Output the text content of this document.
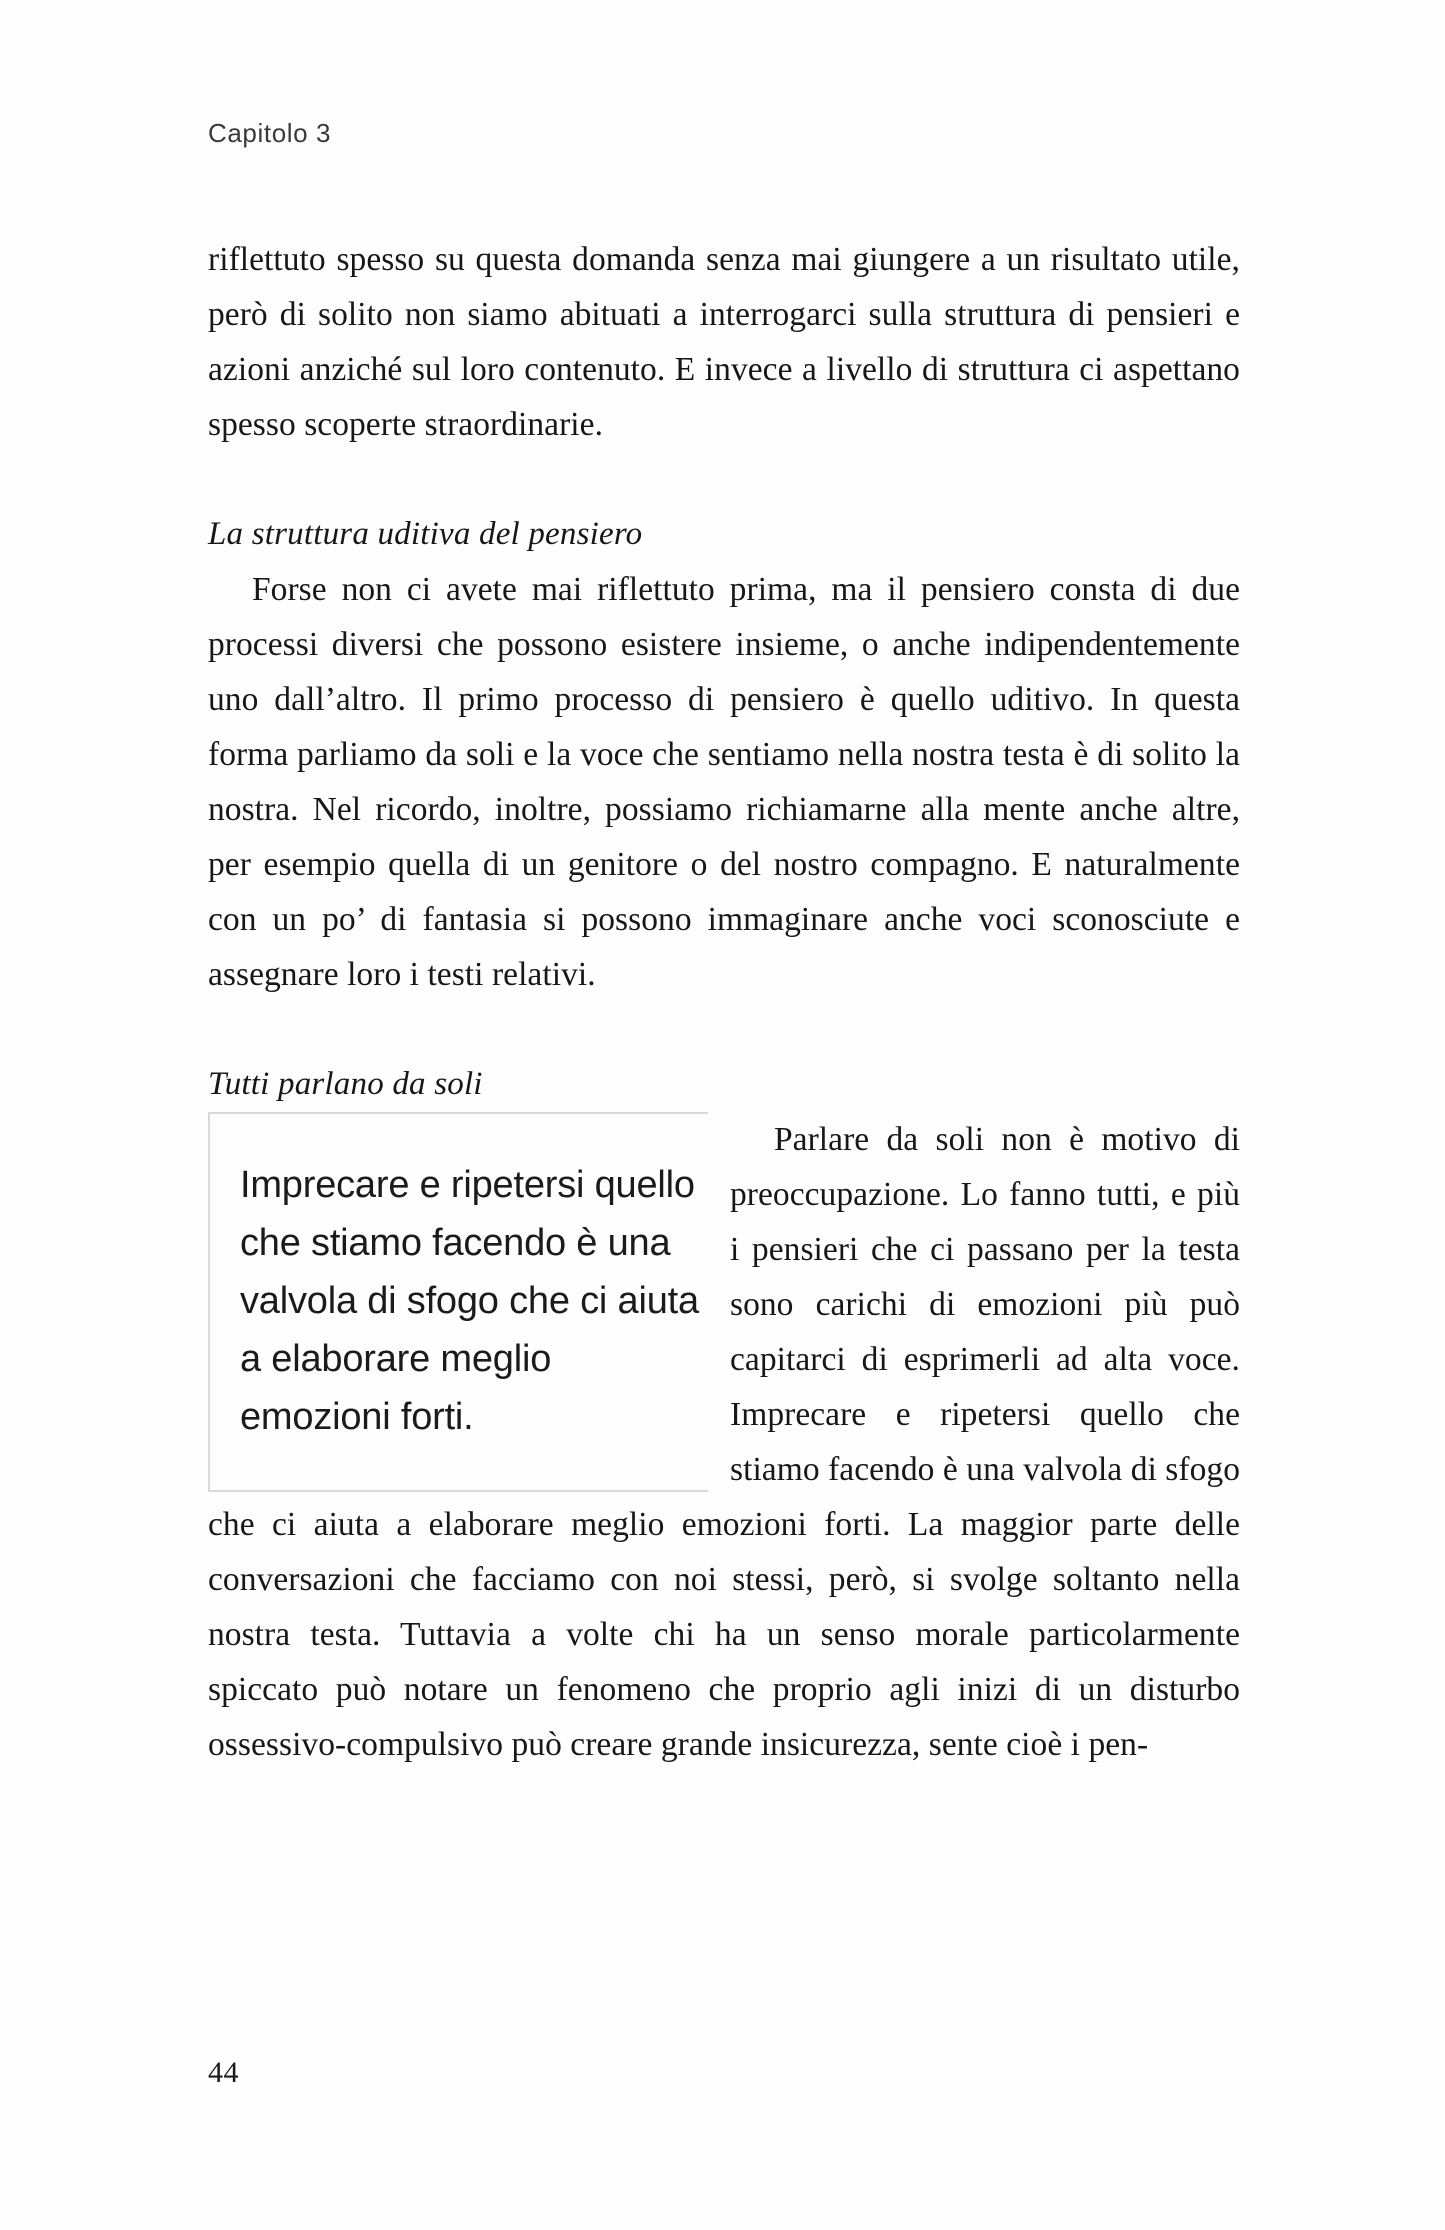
Capitolo 3

riflettuto spesso su questa domanda senza mai giungere a un risultato utile, però di solito non siamo abituati a interrogarci sulla struttura di pensieri e azioni anziché sul loro contenuto. E invece a livello di struttura ci aspettano spesso scoperte straordinarie.

La struttura uditiva del pensiero

Forse non ci avete mai riflettuto prima, ma il pensiero consta di due processi diversi che possono esistere insieme, o anche indipendentemente uno dall’altro. Il primo processo di pensiero è quello uditivo. In questa forma parliamo da soli e la voce che sentiamo nella nostra testa è di solito la nostra. Nel ricordo, inoltre, possiamo richiamarne alla mente anche altre, per esempio quella di un genitore o del nostro compagno. E naturalmente con un po’ di fantasia si possono immaginare anche voci sconosciute e assegnare loro i testi relativi.

Tutti parlano da soli

Imprecare e ripetersi quello che stiamo facendo è una valvola di sfogo che ci aiuta a elaborare meglio emozioni forti.

Parlare da soli non è motivo di preoccupazione. Lo fanno tutti, e più i pensieri che ci passano per la testa sono carichi di emozioni più può capitarci di esprimerli ad alta voce. Imprecare e ripetersi quello che stiamo facendo è una valvola di sfogo che ci aiuta a elaborare meglio emozioni forti. La maggior parte delle conversazioni che facciamo con noi stessi, però, si svolge soltanto nella nostra testa. Tuttavia a volte chi ha un senso morale particolarmente spiccato può notare un fenomeno che proprio agli inizi di un disturbo ossessivo-compulsivo può creare grande insicurezza, sente cioè i pen-

44
